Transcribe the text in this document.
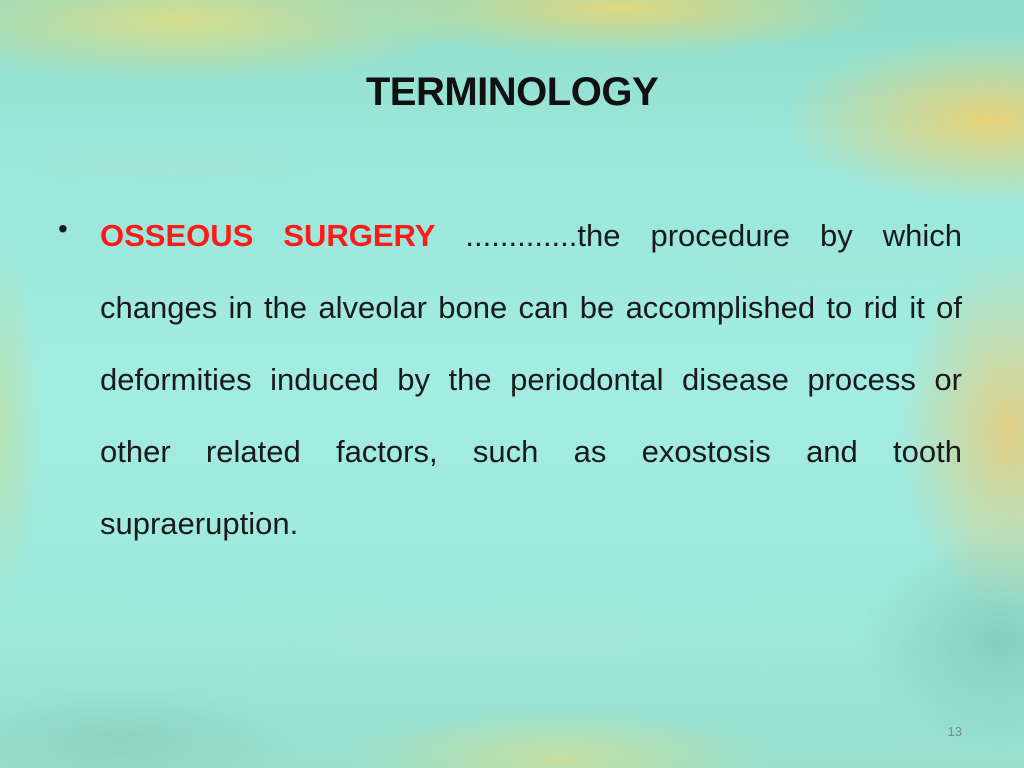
TERMINOLOGY
• OSSEOUS SURGERY .............the procedure by which changes in the alveolar bone can be accomplished to rid it of deformities induced by the periodontal disease process or other related factors, such as exostosis and tooth supraeruption.
13
